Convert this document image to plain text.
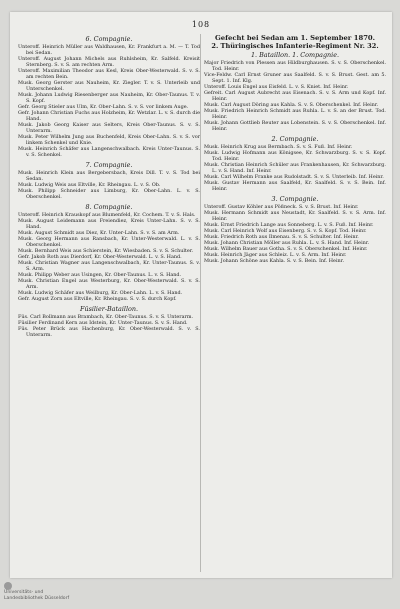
108

6. Compagnie.

Unteroff. Heinrich Müller aus Waldhausen, Kr. Frankfurt a. M. — T. Tod bei Sedan.

Unteroff. August Johann Michels aus Ruhlsheim, Kr. Salfeld. Kreisit Sternberg. S. v. S. am rechten Arm.

Unteroff. Maximilian Theodor aus Kesl, Kreis Ober-Westerwald. S. v. S. am rechten Bein.

Musk. Georg Gerster aus Nauheim, Kr. Ziegler. T. v. S. Unterleib und Unterschenkel.

Musk. Johann Ludwig Riesenberger aus Nauheim, Kr. Ober-Taunus. T. v. S. Kopf.

Gefr. Georg Stieler aus Ulm, Kr. Ober-Lahn. S. v. S. vor linkem Auge.

Gefr. Johann Christian Fuchs aus Holzheim, Kr. Wetzlar. L. v. S. durch die Hand.

Musk. Jakob Georg Kaiser aus Selters, Kreis Ober-Taunus. S. v. S. Unterarm.

Musk. Peter Wilhelm Jung aus Buchenfeld, Kreis Ober-Lahn. S. v. S. vor linkem Schenkel und Knie.

Musk. Heinrich Schäfer aus Langenschwalbach. Kreis Unter-Taunus. S. v. S. Schenkel.

7. Compagnie.

Musk. Heinrich Klein aus Bergebersbach, Kreis Dill. T. v. S. Tod bei Sedan.

Musk. Ludwig Weis aus Eltville, Kr. Rheingau. L. v. S. Ob.

Musk. Philipp Schneider aus Limburg, Kr. Ober-Lahn. L. v. S. Oberschenkel.

8. Compagnie.

Unteroff. Heinrich Krauskopf aus Blumenfeld, Kr. Cochem. T. v. S. Hals.

Musk. August Leidemann aus Freiendiez, Kreis Unter-Lahn. S. v. S. Hand.

Musk. August Schmidt aus Diez, Kr. Unter-Lahn. S. v. S. am Arm.

Musk. Georg Hermann aus Ransbach, Kr. Unter-Westerwald. L. v. S. Oberschenkel.

Musk. Bernhard Weis aus Schierstein, Kr. Wiesbaden. S. v. S. Schulter.

Gefr. Jakob Roth aus Dierdorf, Kr. Ober-Westerwald. L. v. S. Hand.

Musk. Christian Wagner aus Langenschwalbach, Kr. Unter-Taunus. S. v. S. Arm.

Musk. Philipp Weber aus Usingen, Kr. Ober-Taunus. L. v. S. Hand.

Musk. Christian Engel aus Westerburg, Kr. Ober-Westerwald. S. v. S. Arm.

Musk. Ludwig Schäfer aus Weilburg, Kr. Ober-Lahn. L. v. S. Hand.

Gefr. August Zorn aus Eltville, Kr. Rheingau. S. v. S. durch Kopf.

Füsilier-Bataillon.

Füs. Carl Bollmann aus Brambach, Kr. Ober-Taunus. S. v. S. Unterarm.

Füsilier Ferdinand Kern aus Idstein, Kr. Unter-Taunus. S. v. S. Hand.

Füs. Peter Brück aus Hachenburg, Kr. Ober-Westerwald. S. v. S. Unterarm.

Gefecht bei Sedan am 1. September 1870.

2. Thüringisches Infanterie-Regiment Nr. 32.

1. Bataillon. 1. Compagnie.

Major Friedrich von Plessen aus Hildburghausen. S. v. S. Oberschenkel. Tod. Heinr.

Vice-Feldw. Carl Ernst Gruner aus Saalfeld. S. v. S. Brust. Gest. am 5. Sept. 1. Inf. Klg.

Unteroff. Louis Engel aus Eisfeld. L. v. S. Kniet. Inf. Heinr.

Gefreit. Carl August Aubrecht aus Eisenach. S. v. S. Arm und Kopf. Inf. Heinr.

Musk. Carl August Döring aus Kahla. S. v. S. Oberschenkel. Inf. Heinr.

Musk. Friedrich Heinrich Schmidt aus Ruhla. L. v. S. an der Brust. Tod. Heinr.

Musk. Johann Gottlieb Reuter aus Lobenstein. S. v. S. Oberschenkel. Inf. Heinr.

2. Compagnie.

Musk. Heinrich Krug aus Bermbach. S. v. S. Fuß. Inf. Heinr.

Musk. Ludwig Hofmann aus Königsee, Kr. Schwarzburg. S. v. S. Kopf. Tod. Heinr.

Musk. Christian Heinrich Schüler aus Frankenhausen, Kr. Schwarzburg. L. v. S. Hand. Inf. Heinr.

Musk. Carl Wilhelm Franke aus Rudolstadt. S. v. S. Unterleib. Inf. Heinr.

Musk. Gustav Hermann aus Saalfeld, Kr. Saalfeld. S. v. S. Bein. Inf. Heinr.

3. Compagnie.

Unteroff. Gustav Köhler aus Pößneck. S. v. S. Brust. Inf. Heinr.

Musk. Hermann Schmidt aus Neustadt, Kr. Saalfeld. S. v. S. Arm. Inf. Heinr.

Musk. Ernst Friedrich Lange aus Sonneberg. L. v. S. Fuß. Inf. Heinr.

Musk. Carl Heinrich Wolf aus Eisenberg. S. v. S. Kopf. Tod. Heinr.

Musk. Friedrich Roth aus Ilmenau. S. v. S. Schulter. Inf. Heinr.

Musk. Johann Christian Möller aus Ruhla. L. v. S. Hand. Inf. Heinr.

Musk. Wilhelm Bauer aus Gotha. S. v. S. Oberschenkel. Inf. Heinr.

Musk. Heinrich Jäger aus Schleiz. L. v. S. Arm. Inf. Heinr.

Musk. Johann Schöne aus Kahla. S. v. S. Bein. Inf. Heinr.

Universitäts- und
Landesbibliothek Düsseldorf
